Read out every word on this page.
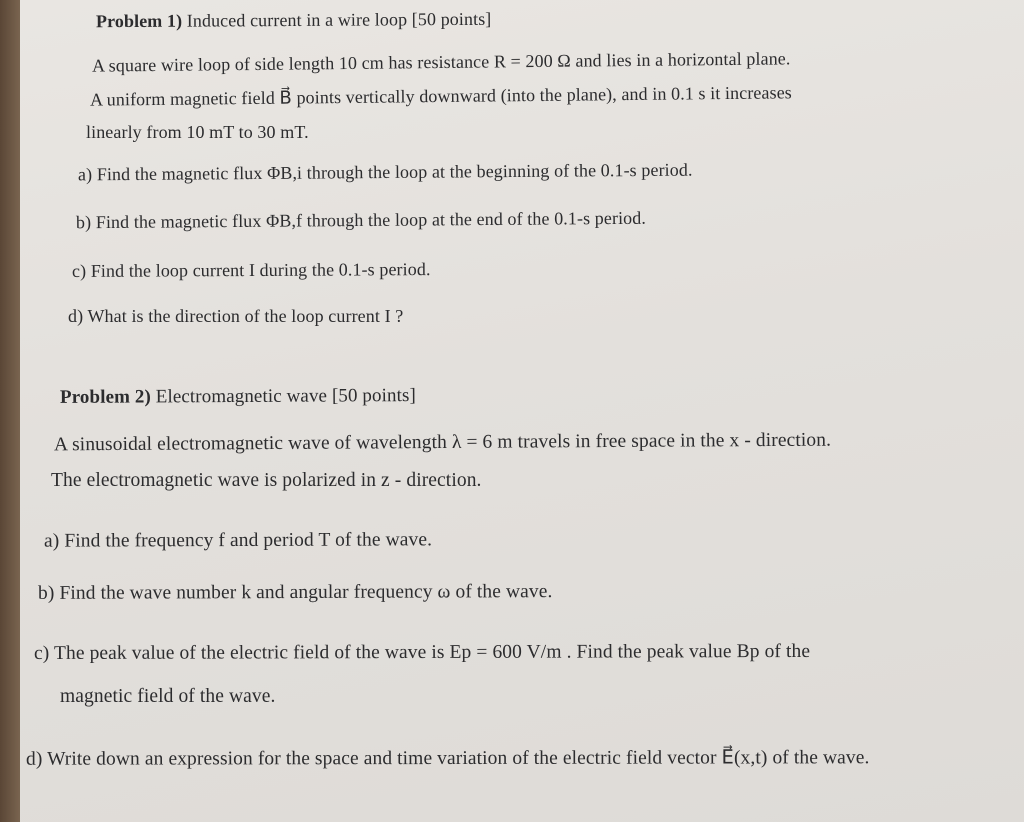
Problem 1) Induced current in a wire loop [50 points]
A square wire loop of side length 10 cm has resistance R = 200 Ω and lies in a horizontal plane.
A uniform magnetic field B⃗ points vertically downward (into the plane), and in 0.1 s it increases
linearly from 10 mT to 30 mT.
a) Find the magnetic flux ΦB,i through the loop at the beginning of the 0.1-s period.
b) Find the magnetic flux ΦB,f through the loop at the end of the 0.1-s period.
c) Find the loop current I during the 0.1-s period.
d) What is the direction of the loop current I ?
Problem 2) Electromagnetic wave [50 points]
A sinusoidal electromagnetic wave of wavelength λ = 6 m travels in free space in the x - direction.
The electromagnetic wave is polarized in z - direction.
a) Find the frequency f and period T of the wave.
b) Find the wave number k and angular frequency ω of the wave.
c) The peak value of the electric field of the wave is Ep = 600 V/m . Find the peak value Bp of the
magnetic field of the wave.
d) Write down an expression for the space and time variation of the electric field vector E⃗(x,t) of the wave.
